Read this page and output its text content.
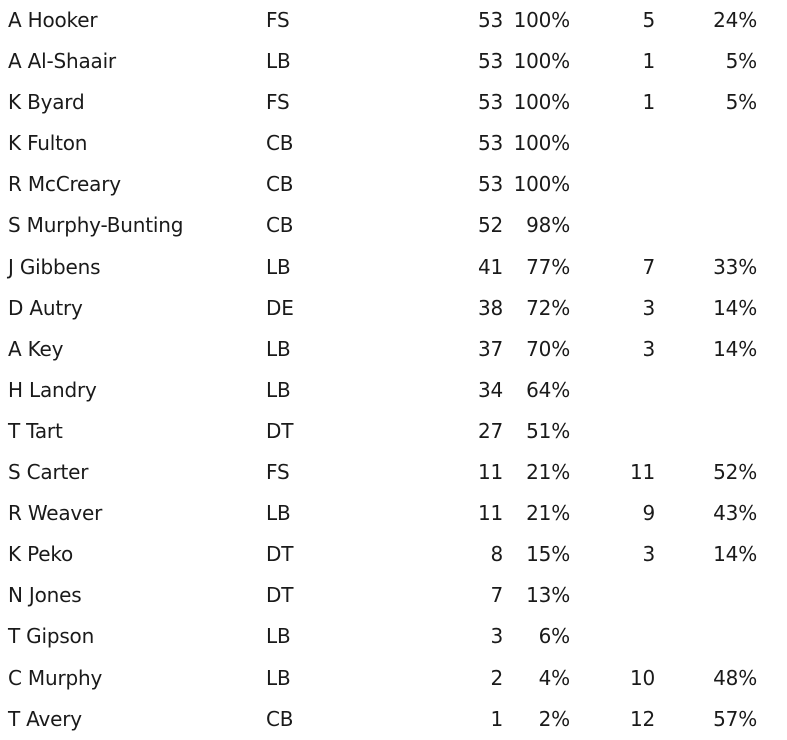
A Hooker	FS	53 100%	5	24%
A Al-Shaair	LB	53 100%	1	5%
K Byard	FS	53 100%	1	5%
K Fulton	CB	53 100%
R McCreary	CB	53 100%
S Murphy-Bunting	CB	52 98%
J Gibbens	LB	41 77%	7	33%
D Autry	DE	38 72%	3	14%
A Key	LB	37 70%	3	14%
H Landry	LB	34 64%
T Tart	DT	27 51%
S Carter	FS	11 21%	11	52%
R Weaver	LB	11 21%	9	43%
K Peko	DT	8 15%	3	14%
N Jones	DT	7 13%
T Gipson	LB	3 6%
C Murphy	LB	2 4%	10	48%
T Avery	CB	1 2%	12	57%
